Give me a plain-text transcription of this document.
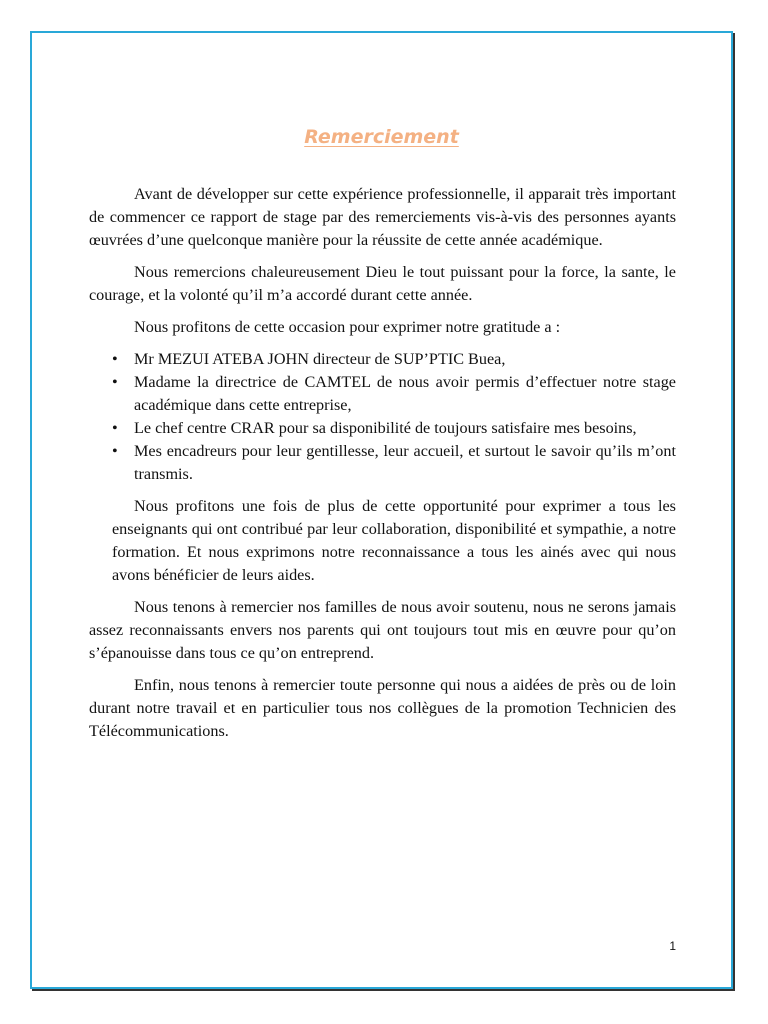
Remerciement

Avant de développer sur cette expérience professionnelle, il apparait très important de commencer ce rapport de stage par des remerciements vis-à-vis des personnes ayants œuvrées d’une quelconque manière pour la réussite de cette année académique.

Nous remercions chaleureusement Dieu le tout puissant pour la force, la sante, le courage, et la volonté qu’il m’a accordé durant cette année.

Nous profitons de cette occasion pour exprimer notre gratitude a :

• Mr MEZUI ATEBA JOHN directeur de SUP’PTIC Buea,
• Madame la directrice de CAMTEL de nous avoir permis d’effectuer notre stage académique dans cette entreprise,
• Le chef centre CRAR pour sa disponibilité de toujours satisfaire mes besoins,
• Mes encadreurs pour leur gentillesse, leur accueil, et surtout le savoir qu’ils m’ont transmis.

Nous profitons une fois de plus de cette opportunité pour exprimer a tous les enseignants qui ont contribué par leur collaboration, disponibilité et sympathie, a notre formation. Et nous exprimons notre reconnaissance a tous les ainés avec qui nous avons bénéficier de leurs aides.

Nous tenons à remercier nos familles de nous avoir soutenu, nous ne serons jamais assez reconnaissants envers nos parents qui ont toujours tout mis en œuvre pour qu’on s’épanouisse dans tous ce qu’on entreprend.

Enfin, nous tenons à remercier toute personne qui nous a aidées de près ou de loin durant notre travail et en particulier tous nos collègues de la promotion Technicien des Télécommunications.

1
